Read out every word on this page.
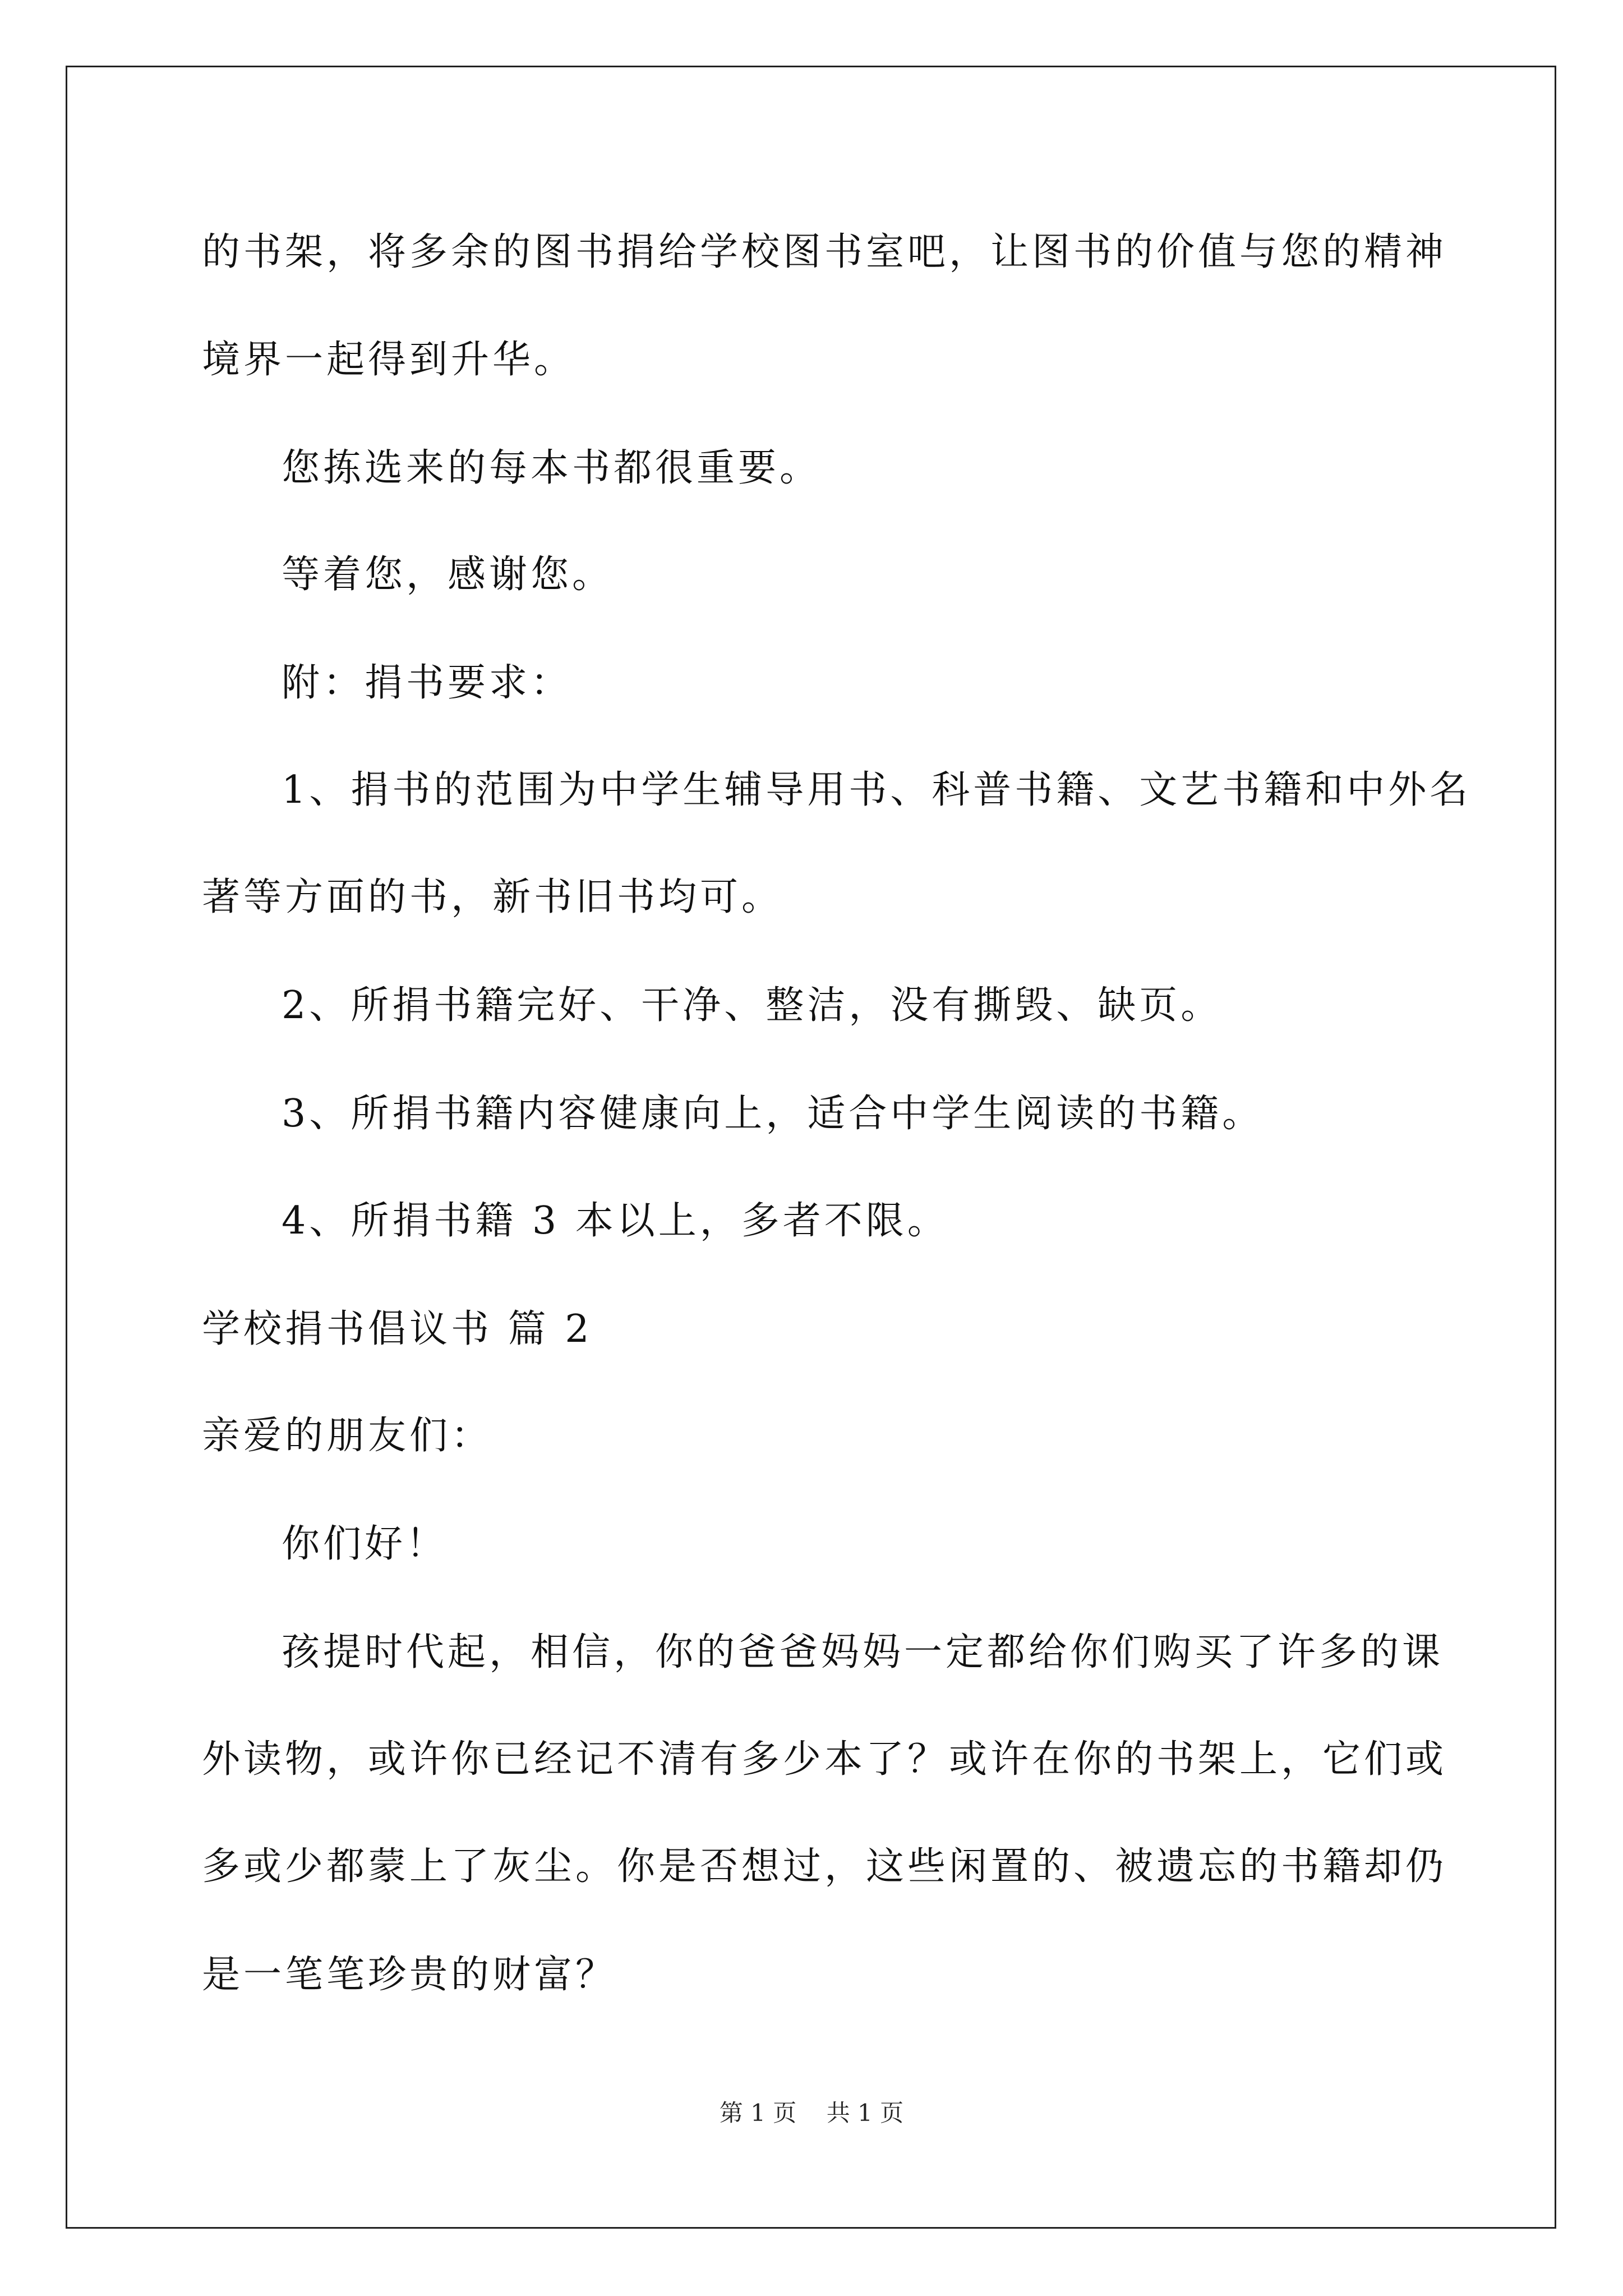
的书架，将多余的图书捐给学校图书室吧，让图书的价值与您的精神
境界一起得到升华。
您拣选来的每本书都很重要。
等着您，感谢您。
附：捐书要求：
1、捐书的范围为中学生辅导用书、科普书籍、文艺书籍和中外名
著等方面的书，新书旧书均可。
2、所捐书籍完好、干净、整洁，没有撕毁、缺页。
3、所捐书籍内容健康向上，适合中学生阅读的书籍。
4、所捐书籍 3 本以上，多者不限。
学校捐书倡议书 篇 2
亲爱的朋友们：
你们好！
孩提时代起，相信，你的爸爸妈妈一定都给你们购买了许多的课
外读物，或许你已经记不清有多少本了？或许在你的书架上，它们或
多或少都蒙上了灰尘。你是否想过，这些闲置的、被遗忘的书籍却仍
是一笔笔珍贵的财富？
第 1 页    共 1 页
